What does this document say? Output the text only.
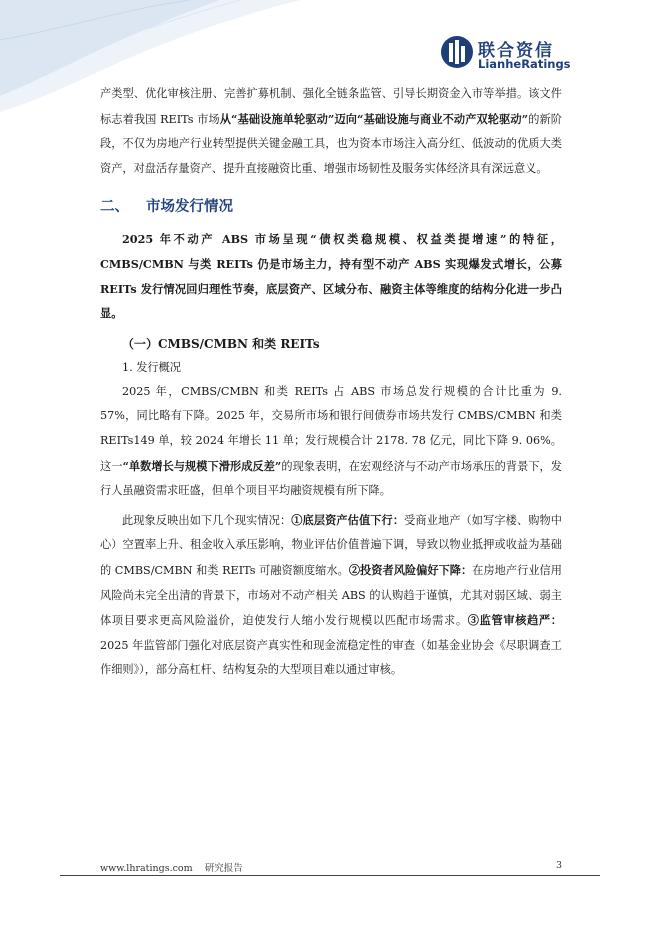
联合资信
LianheRatings

产类型、优化审核注册、完善扩募机制、强化全链条监管、引导长期资金入市等举措。该文件标志着我国 REITs 市场从“基础设施单轮驱动”迈向“基础设施与商业不动产双轮驱动”的新阶段，不仅为房地产行业转型提供关键金融工具，也为资本市场注入高分红、低波动的优质大类资产，对盘活存量资产、提升直接融资比重、增强市场韧性及服务实体经济具有深远意义。

二、 市场发行情况

2025 年不动产 ABS 市场呈现“债权类稳规模、权益类提增速”的特征，CMBS/CMBN 与类 REITs 仍是市场主力，持有型不动产 ABS 实现爆发式增长，公募 REITs 发行情况回归理性节奏，底层资产、区域分布、融资主体等维度的结构分化进一步凸显。

（一）CMBS/CMBN 和类 REITs
1. 发行概况

2025 年，CMBS/CMBN 和类 REITs 占 ABS 市场总发行规模的合计比重为 9. 57%，同比略有下降。2025 年，交易所市场和银行间债券市场共发行 CMBS/CMBN 和类 REITs149 单，较 2024 年增长 11 单；发行规模合计 2178. 78 亿元，同比下降 9. 06%。这一“单数增长与规模下滑形成反差”的现象表明，在宏观经济与不动产市场承压的背景下，发行人虽融资需求旺盛，但单个项目平均融资规模有所下降。

此现象反映出如下几个现实情况：①底层资产估值下行：受商业地产（如写字楼、购物中心）空置率上升、租金收入承压影响，物业评估价值普遍下调，导致以物业抵押或收益为基础的 CMBS/CMBN 和类 REITs 可融资额度缩水。②投资者风险偏好下降：在房地产行业信用风险尚未完全出清的背景下，市场对不动产相关 ABS 的认购趋于谨慎，尤其对弱区域、弱主体项目要求更高风险溢价，迫使发行人缩小发行规模以匹配市场需求。③监管审核趋严：2025 年监管部门强化对底层资产真实性和现金流稳定性的审查（如基金业协会《尽职调查工作细则》），部分高杠杆、结构复杂的大型项目难以通过审核。

www.lhratings.com 研究报告	3
